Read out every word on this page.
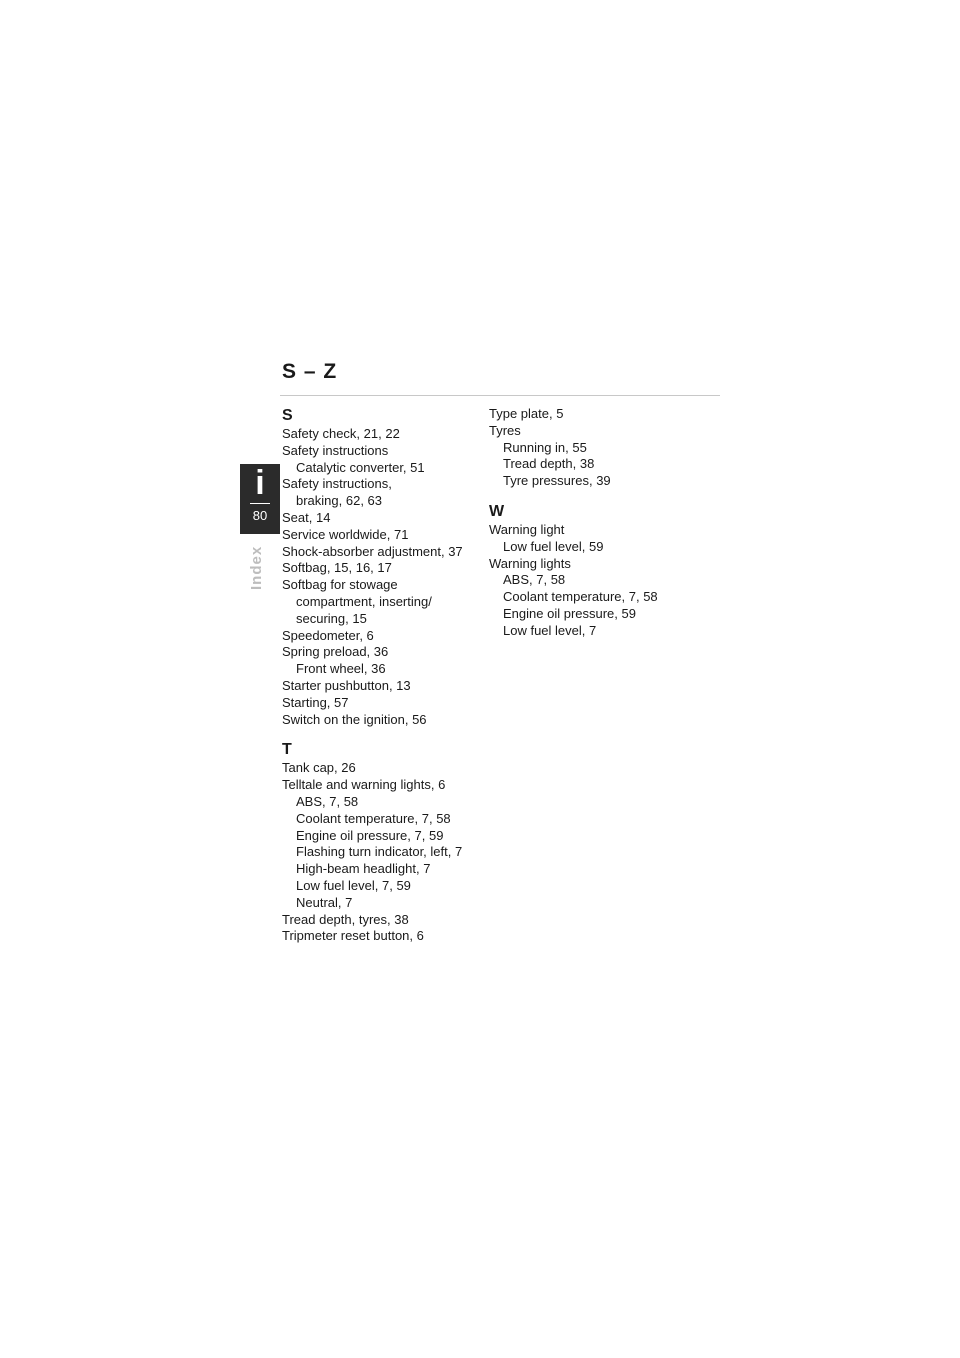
S – Z
i
80
Index
S
Safety check, 21, 22
Safety instructions
Catalytic converter, 51
Safety instructions,
braking, 62, 63
Seat, 14
Service worldwide, 71
Shock-absorber adjustment, 37
Softbag, 15, 16, 17
Softbag for stowage
compartment, inserting/
securing, 15
Speedometer, 6
Spring preload, 36
Front wheel, 36
Starter pushbutton, 13
Starting, 57
Switch on the ignition, 56
T
Tank cap, 26
Telltale and warning lights, 6
ABS, 7, 58
Coolant temperature, 7, 58
Engine oil pressure, 7, 59
Flashing turn indicator, left, 7
High-beam headlight, 7
Low fuel level, 7, 59
Neutral, 7
Tread depth, tyres, 38
Tripmeter reset button, 6
Type plate, 5
Tyres
Running in, 55
Tread depth, 38
Tyre pressures, 39
W
Warning light
Low fuel level, 59
Warning lights
ABS, 7, 58
Coolant temperature, 7, 58
Engine oil pressure, 59
Low fuel level, 7
